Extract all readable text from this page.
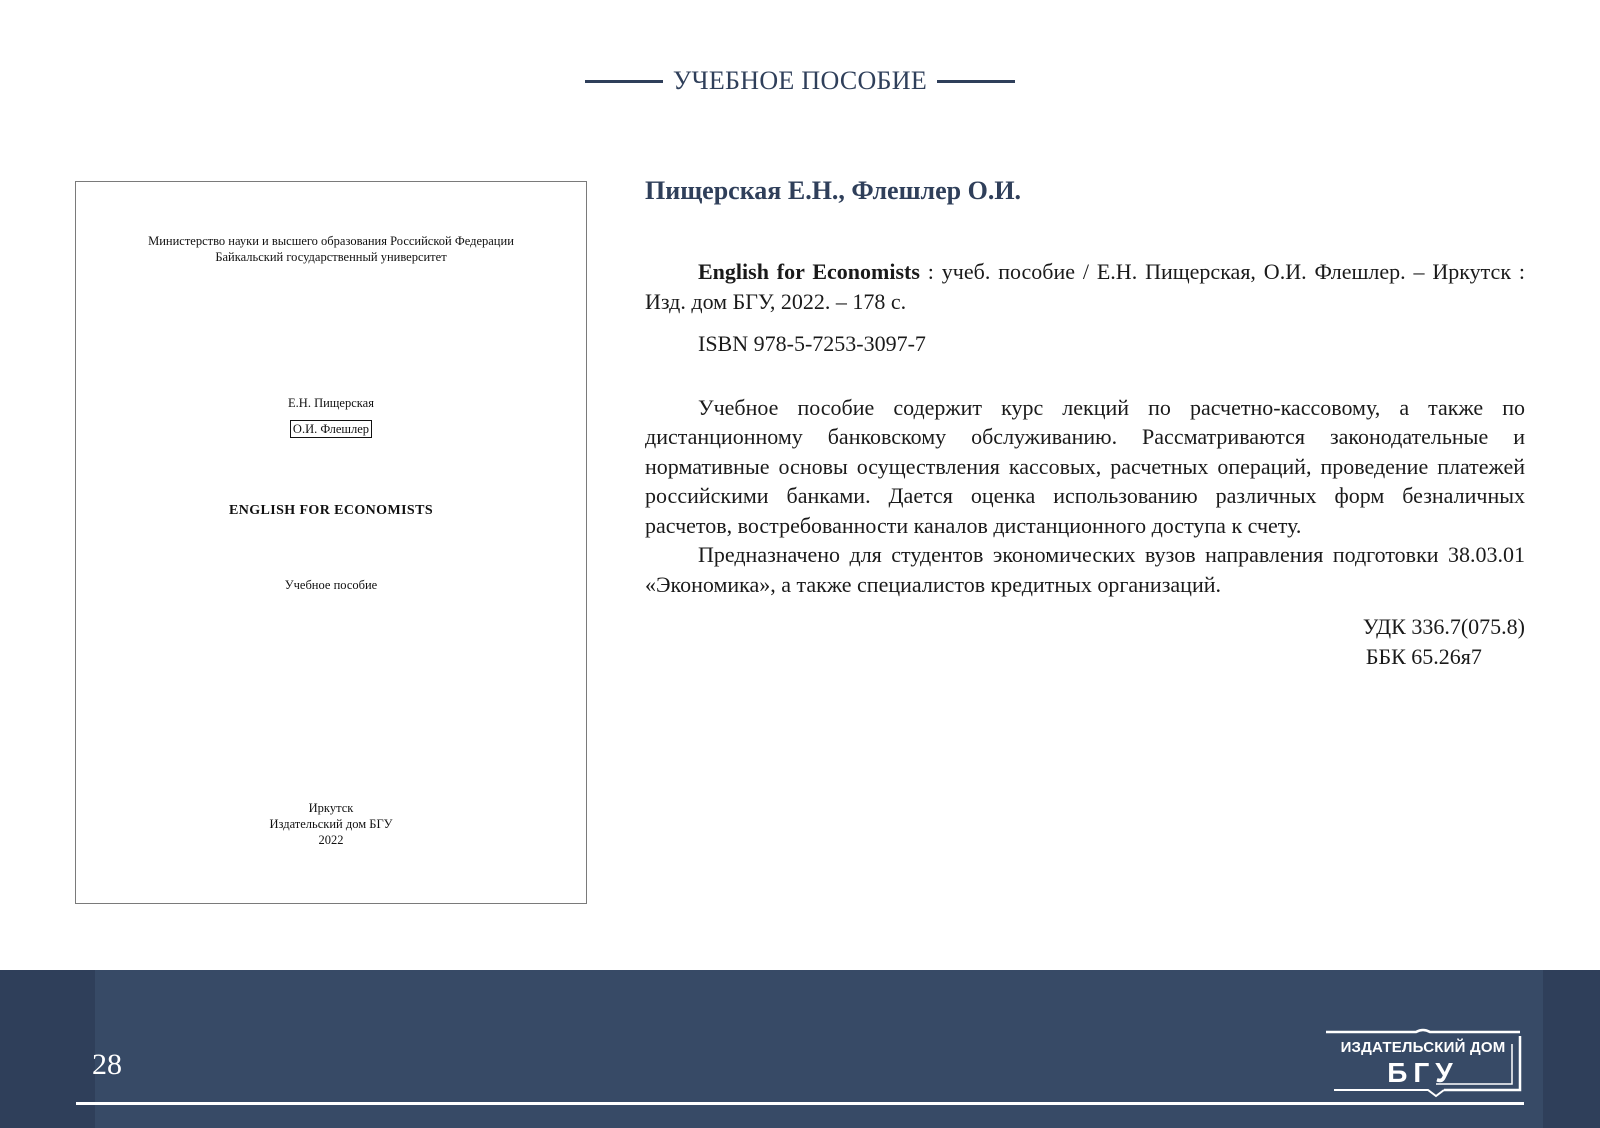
УЧЕБНОЕ ПОСОБИЕ
Министерство науки и высшего образования Российской Федерации
Байкальский государственный университет
Е.Н. Пищерская
О.И. Флешлер
ENGLISH FOR ECONOMISTS
Учебное пособие
Иркутск
Издательский дом БГУ
2022
Пищерская Е.Н., Флешлер О.И.

English for Economists : учеб. пособие / Е.Н. Пищерская, О.И. Флешлер. – Иркутск : Изд. дом БГУ, 2022. – 178 с.

ISBN 978-5-7253-3097-7

Учебное пособие содержит курс лекций по расчетно-кассовому, а также по дистанционному банковскому обслуживанию. Рассматриваются законодательные и нормативные основы осуществления кассовых, расчетных операций, проведение платежей российскими банками. Дается оценка использованию различных форм безналичных расчетов, востребованности каналов дистанционного доступа к счету.

Предназначено для студентов экономических вузов направления подготовки 38.03.01 «Экономика», а также специалистов кредитных организаций.

УДК 336.7(075.8)
ББК 65.26я7

28
ИЗДАТЕЛЬСКИЙ ДОМ
БГУ
